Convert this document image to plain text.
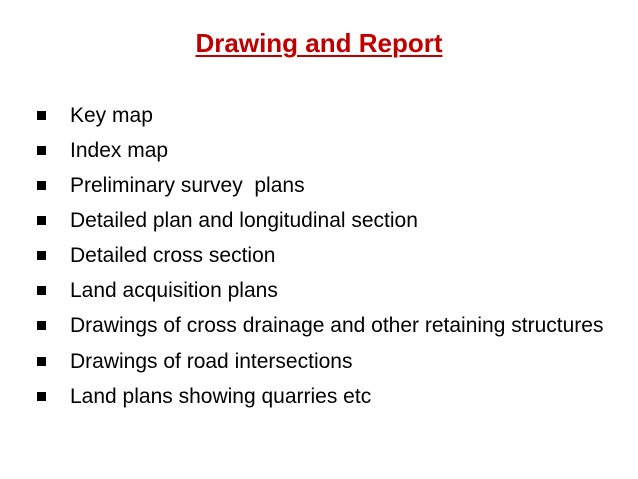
Drawing and Report
Key map
Index map
Preliminary survey  plans
Detailed plan and longitudinal section
Detailed cross section
Land acquisition plans
Drawings of cross drainage and other retaining structures
Drawings of road intersections
Land plans showing quarries etc
